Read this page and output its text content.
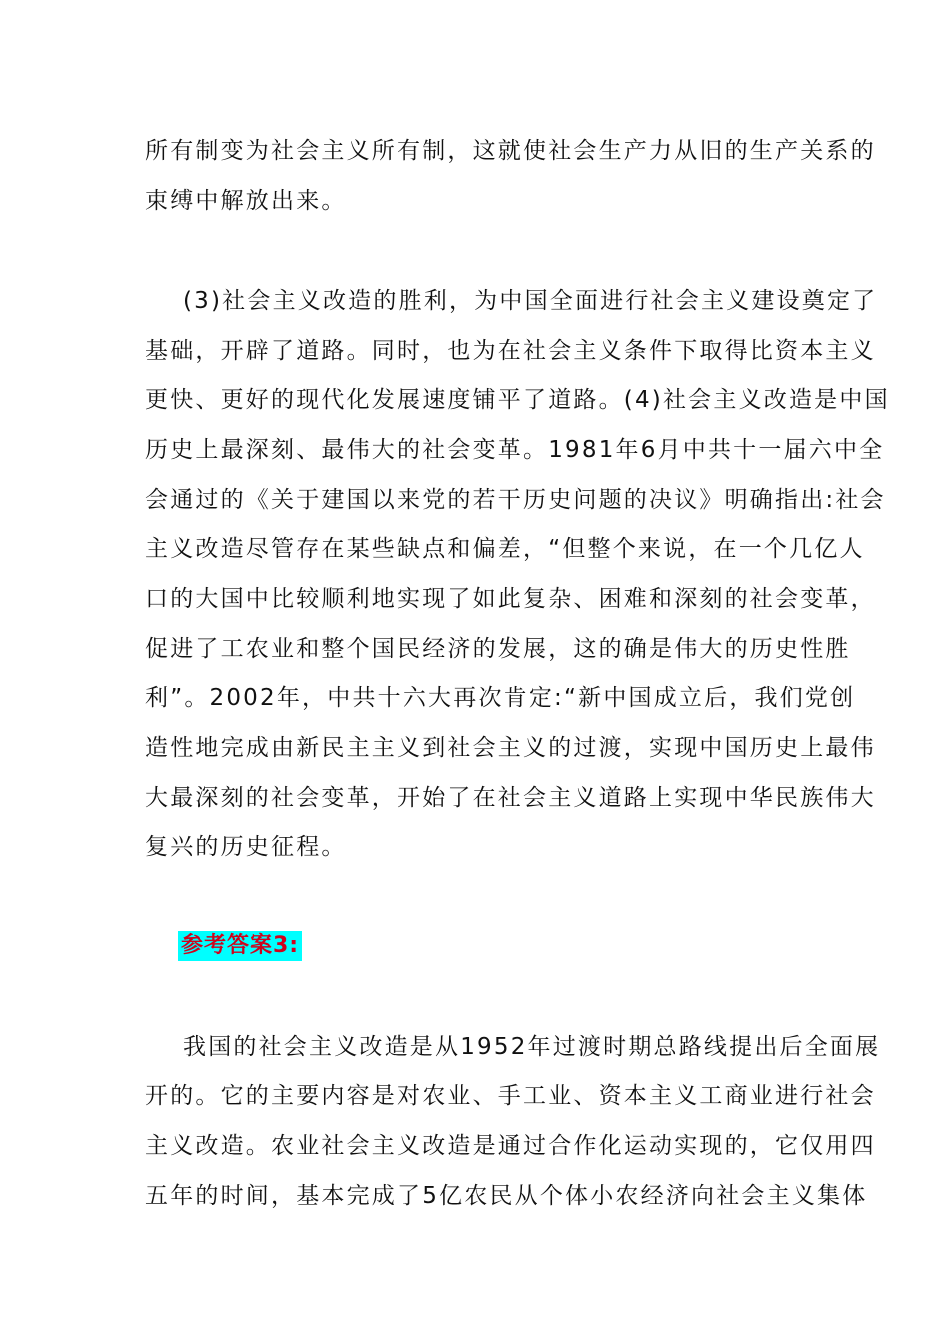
所有制变为社会主义所有制，这就使社会生产力从旧的生产关系的
束缚中解放出来。
(3)社会主义改造的胜利，为中国全面进行社会主义建设奠定了
基础，开辟了道路。同时，也为在社会主义条件下取得比资本主义
更快、更好的现代化发展速度铺平了道路。(4)社会主义改造是中国
历史上最深刻、最伟大的社会变革。1981年6月中共十一届六中全
会通过的《关于建国以来党的若干历史问题的决议》明确指出:社会
主义改造尽管存在某些缺点和偏差，“但整个来说，在一个几亿人
口的大国中比较顺利地实现了如此复杂、困难和深刻的社会变革，
促进了工农业和整个国民经济的发展，这的确是伟大的历史性胜
利”。2002年，中共十六大再次肯定:“新中国成立后，我们党创
造性地完成由新民主主义到社会主义的过渡，实现中国历史上最伟
大最深刻的社会变革，开始了在社会主义道路上实现中华民族伟大
复兴的历史征程。
参考答案3:
我国的社会主义改造是从1952年过渡时期总路线提出后全面展
开的。它的主要内容是对农业、手工业、资本主义工商业进行社会
主义改造。农业社会主义改造是通过合作化运动实现的，它仅用四
五年的时间，基本完成了5亿农民从个体小农经济向社会主义集体
